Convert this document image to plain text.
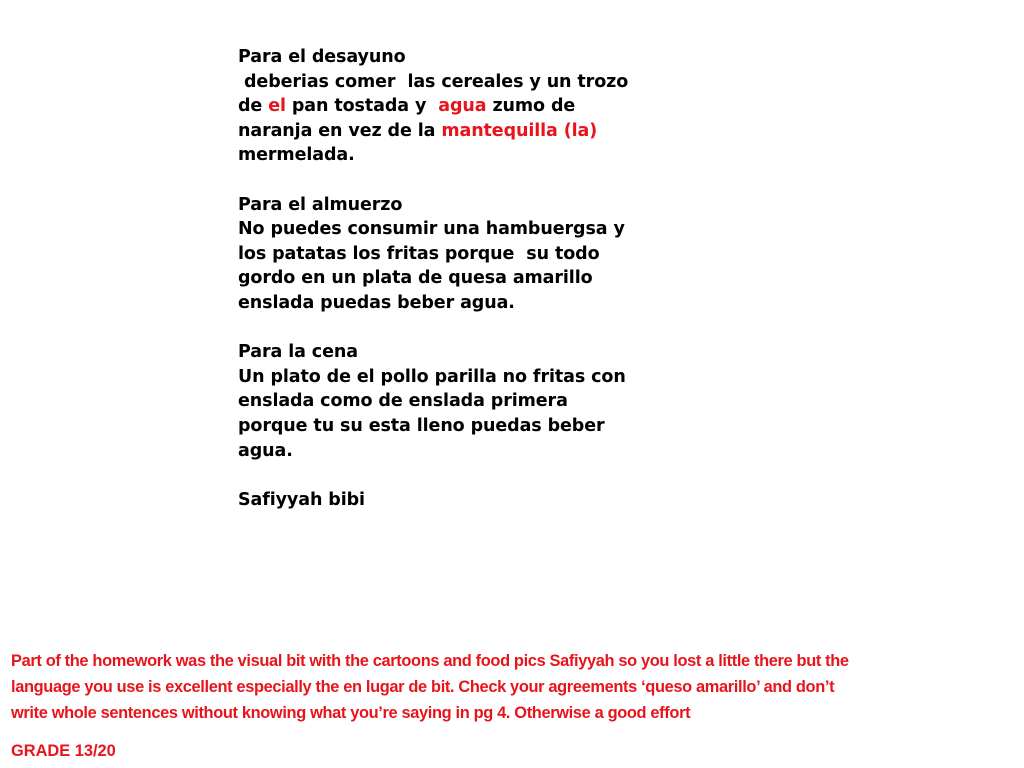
Para el desayuno
deberias comer  las cereales y un trozo
de el pan tostada y  agua zumo de
naranja en vez de la mantequilla (la)
mermelada.
Para el almuerzo
No puedes consumir una hambuergsa y
los patatas los fritas porque  su todo
gordo en un plata de quesa amarillo
enslada puedas beber agua.
Para la cena
Un plato de el pollo parilla no fritas con
enslada como de enslada primera
porque tu su esta lleno puedas beber
agua.
Safiyyah bibi
Part of the homework was the visual bit with the cartoons and food pics Safiyyah so you lost a little there but the
language you use is excellent especially the en lugar de bit. Check your agreements ‘queso amarillo’ and don’t
write whole sentences without knowing what you’re saying in pg 4. Otherwise a good effort
GRADE 13/20
